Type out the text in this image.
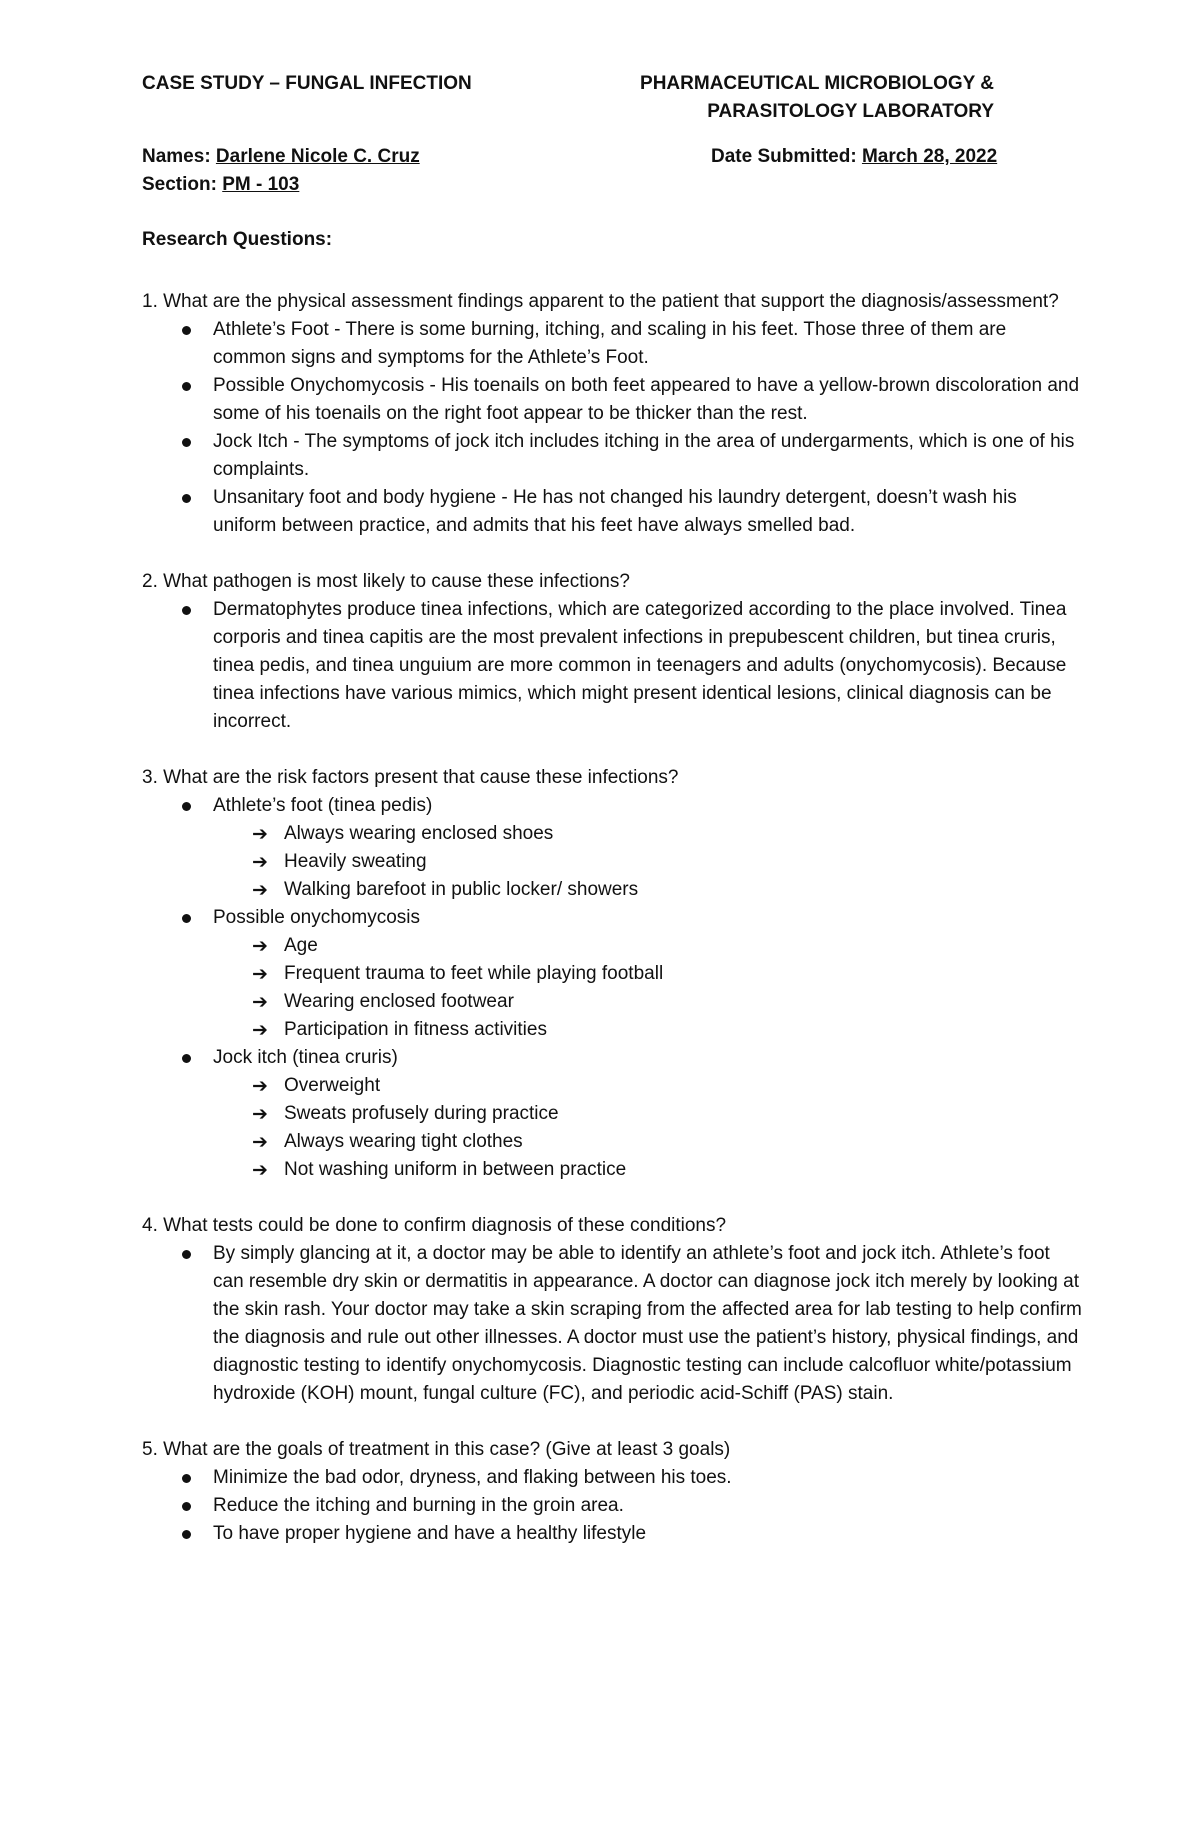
CASE STUDY – FUNGAL INFECTION	PHARMACEUTICAL MICROBIOLOGY &
PARASITOLOGY LABORATORY
Names: Darlene Nicole C. Cruz	Date Submitted: March 28, 2022
Section: PM - 103
Research Questions:

1. What are the physical assessment findings apparent to the patient that support the diagnosis/assessment?

Athlete’s Foot - There is some burning, itching, and scaling in his feet. Those three of them are common signs and symptoms for the Athlete’s Foot.
Possible Onychomycosis - His toenails on both feet appeared to have a yellow-brown discoloration and some of his toenails on the right foot appear to be thicker than the rest.
Jock Itch - The symptoms of jock itch includes itching in the area of undergarments, which is one of his complaints.
Unsanitary foot and body hygiene - He has not changed his laundry detergent, doesn’t wash his uniform between practice, and admits that his feet have always smelled bad.

2. What pathogen is most likely to cause these infections?

Dermatophytes produce tinea infections, which are categorized according to the place involved. Tinea corporis and tinea capitis are the most prevalent infections in prepubescent children, but tinea cruris, tinea pedis, and tinea unguium are more common in teenagers and adults (onychomycosis). Because tinea infections have various mimics, which might present identical lesions, clinical diagnosis can be incorrect.

3. What are the risk factors present that cause these infections?

Athlete’s foot (tinea pedis)
➔ Always wearing enclosed shoes
➔ Heavily sweating
➔ Walking barefoot in public locker/ showers
Possible onychomycosis
➔ Age
➔ Frequent trauma to feet while playing football
➔ Wearing enclosed footwear
➔ Participation in fitness activities
Jock itch (tinea cruris)
➔ Overweight
➔ Sweats profusely during practice
➔ Always wearing tight clothes
➔ Not washing uniform in between practice

4. What tests could be done to confirm diagnosis of these conditions?

By simply glancing at it, a doctor may be able to identify an athlete’s foot and jock itch. Athlete’s foot can resemble dry skin or dermatitis in appearance. A doctor can diagnose jock itch merely by looking at the skin rash. Your doctor may take a skin scraping from the affected area for lab testing to help confirm the diagnosis and rule out other illnesses. A doctor must use the patient’s history, physical findings, and diagnostic testing to identify onychomycosis. Diagnostic testing can include calcofluor white/potassium hydroxide (KOH) mount, fungal culture (FC), and periodic acid-Schiff (PAS) stain.

5. What are the goals of treatment in this case? (Give at least 3 goals)

Minimize the bad odor, dryness, and flaking between his toes.
Reduce the itching and burning in the groin area.
To have proper hygiene and have a healthy lifestyle
